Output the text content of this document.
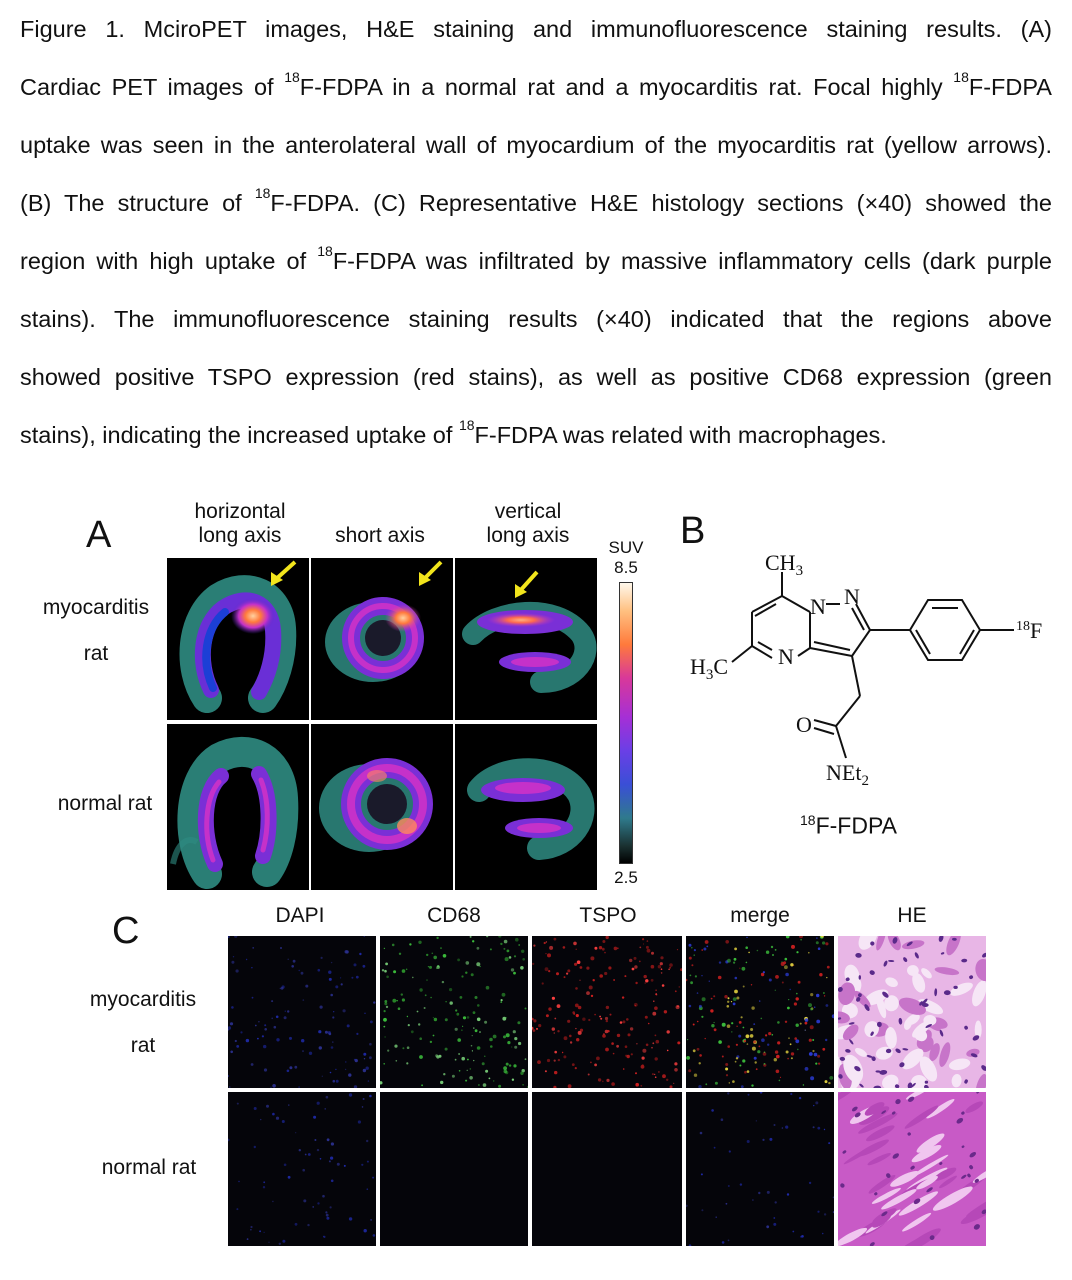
Figure 1. MciroPET images, H&E staining and immunofluorescence staining results. (A)
Cardiac PET images of $^{18}$F-FDPA in a normal rat and a myocarditis rat. Focal highly $^{18}$F-FDPA
uptake was seen in the anterolateral wall of myocardium of the myocarditis rat (yellow arrows).
(B) The structure of $^{18}$F-FDPA. (C) Representative H&E histology sections (×40) showed the
region with high uptake of $^{18}$F-FDPA was infiltrated by massive inflammatory cells (dark purple
stains). The immunofluorescence staining results (×40) indicated that the regions above
showed positive TSPO expression (red stains), as well as positive CD68 expression (green
stains), indicating the increased uptake of $^{18}$F-FDPA was related with macrophages.
A
horizontal
long axis	short axis
vertical
long axis
myocarditis

rat
normal rat
SUV
8.5
2.5
B
$CH_3$
$H_3C$
N N
N
O
NEt$_2$
$^{18}$F
$^{18}$F-FDPA
C	DAPI	CD68	TSPO	merge	HE
myocarditis

rat
normal rat
